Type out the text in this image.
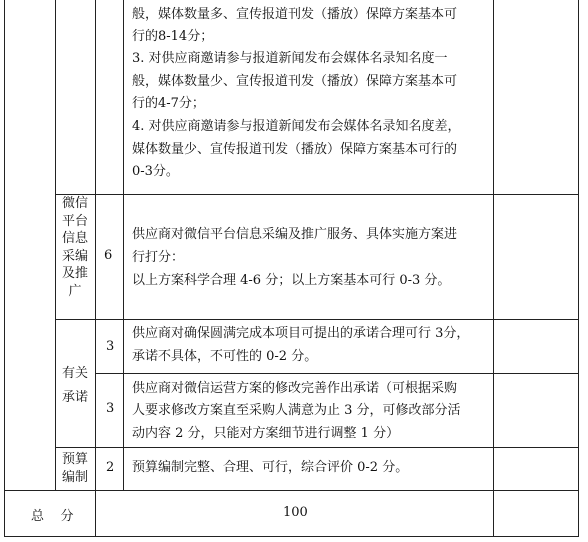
般，媒体数量多、宣传报道刊发（播放）保障方案基本可
行的8-14分；
3. 对供应商邀请参与报道新闻发布会媒体名录知名度一
般，媒体数量少、宣传报道刊发（播放）保障方案基本可
行的4-7分；
4. 对供应商邀请参与报道新闻发布会媒体名录知名度差，
媒体数量少、宣传报道刊发（播放）保障方案基本可行的
0-3分。
微信
平台
信息
采编
及推
广
6
供应商对微信平台信息采编及推广服务、具体实施方案进
行打分：
以上方案科学合理 4-6 分；以上方案基本可行 0-3 分。
有关
承诺
3
供应商对确保圆满完成本项目可提出的承诺合理可行 3分，
承诺不具体，不可性的 0-2 分。
3
供应商对微信运营方案的修改完善作出承诺（可根据采购
人要求修改方案直至采购人满意为止 3 分，可修改部分活
动内容 2 分，只能对方案细节进行调整 1 分）
预算
编制
2 预算编制完整、合理、可行，综合评价 0-2 分。
总    分	100
